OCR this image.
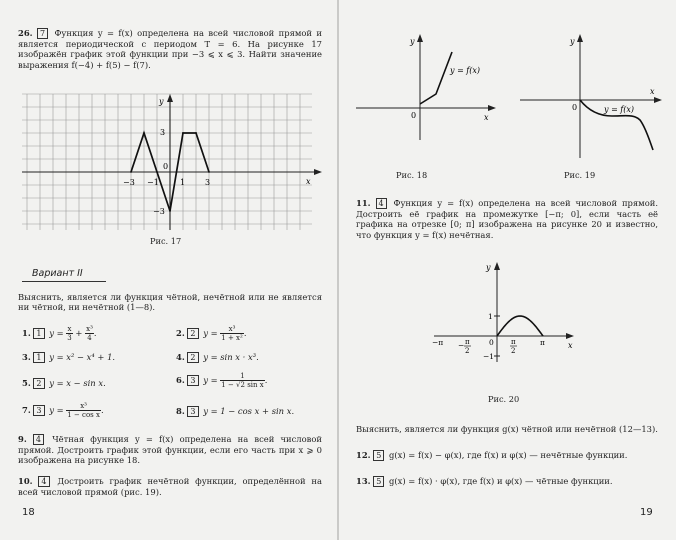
26. 7 Функция y = f(x) определена на всей числовой прямой и является периодической с периодом T = 6. На рисунке 17 изображён график этой функции при −3 ⩽ x ⩽ 3. Найти значение выражения f(−4) + f(5) − f(7).
y
x
−3 −1
0
1 3
3
−3
Рис. 17
Вариант II
Выяснить, является ли функция чётной, нечётной или не является ни чётной, ни нечётной (1—8).
1. 1 $y = \frac{x}{3} + \frac{\text{x³}}{4}$ .	2. 2 $y = \frac{\text{x³}}{\text{1 + x²}}$ .
3. 1 y = x² − x⁴ + 1.	4. 2 y = sin x · x³.
5. 2 y = x − sin x.	6. 3 $y = \frac{1}{\text{1 − √2 sin x}}$ .
7. 3 $y = \frac{\text{x³}}{\text{1 − cos x}}$ .	8. 3 y = 1 − cos x + sin x.
9. 4 Чётная функция y = f(x) определена на всей числовой прямой. Достроить график этой функции, если его часть при x ⩾ 0 изображена на рисунке 18.
10. 4 Достроить график нечётной функции, определённой на всей числовой прямой (рис. 19).
18
y
x
0
y = f(x)
Рис. 18
y
x
0	y = f(x)
Рис. 19
11. 4 Функция y = f(x) определена на всей числовой прямой. Достроить её график на промежутке [−π; 0], если часть её графика на отрезке [0; π] изображена на рисунке 20 и известно, что функция y = f(x) нечётная.
y
x
−π − π
2
0 π
2
π
1
−1
Рис. 20
Выяснить, является ли функция g(x) чётной или нечётной (12—13).
12. 5 g(x) = f(x) − φ(x), где f(x) и φ(x) — нечётные функции.
13. 5 g(x) = f(x) · φ(x), где f(x) и φ(x) — чётные функции.
19
